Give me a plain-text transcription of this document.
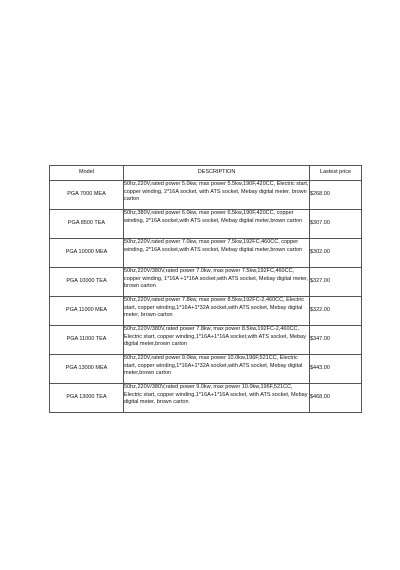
Model	DESCRIPTION	Lastest price
PGA 7000 MEA	50hz,220V,rated power 5.0kw, max power 5.5kw,190F,420CC, Electric start, copper winding, 2*16A socket, with ATS socket, Mebay digital meter, brown carton	$268.00
PGA 8500 TEA	50hz,380V,rated power 6.0kw, max power 6.5kw,190F,420CC, copper winding, 2*16A socket,with ATS socket, Mebay digital meter,brown carton	$307.00
PGA 10000 MEA	50hz,220V,rated power 7.0kw, max power 7.5kw,192FC,460CC, copper winding, 2*16A socket,with ATS socket, Mebay digital meter,brown carton	$302.00
PGA 10000 TEA	50hz,220V/380V,rated power 7.0kw, max power 7.5kw,192FC,460CC, copper winding, 1*16A +1*16A socket,with ATS socket, Mebay digital meter, brown carton	$327.00
PGA 11000 MEA	50hz,220V,rated power 7.8kw, max power 8.5kw,192FC-2,460CC, Electric start, copper winding,1*16A+1*32A socket,with ATS socket, Mebay digital meter, brown carton	$322.00
PGA 11000 TEA	50hz,220V/380V,rated power 7.8kw, max power 8.5kw,192FC-2,460CC, Electric start, copper winding,1*16A+1*16A socket,with ATS socket, Mebay digital meter,brown carton	$347.00
PGA 13000 MEA	50hz,220V,rated power 9.0kw, max power 10.0kw,196F,521CC, Electric start, copper winding,1*16A+1*32A socket,with ATS socket, Mebay digital meter,brown carton	$443.00
PGA 13000 TEA	50hz,220V/380V,rated power 9.0kw, max power 10.0kw,196F,521CC, Electric start, copper winding,1*16A+1*16A socket, with ATS socket, Mebay digital meter, brown carton	$468.00
